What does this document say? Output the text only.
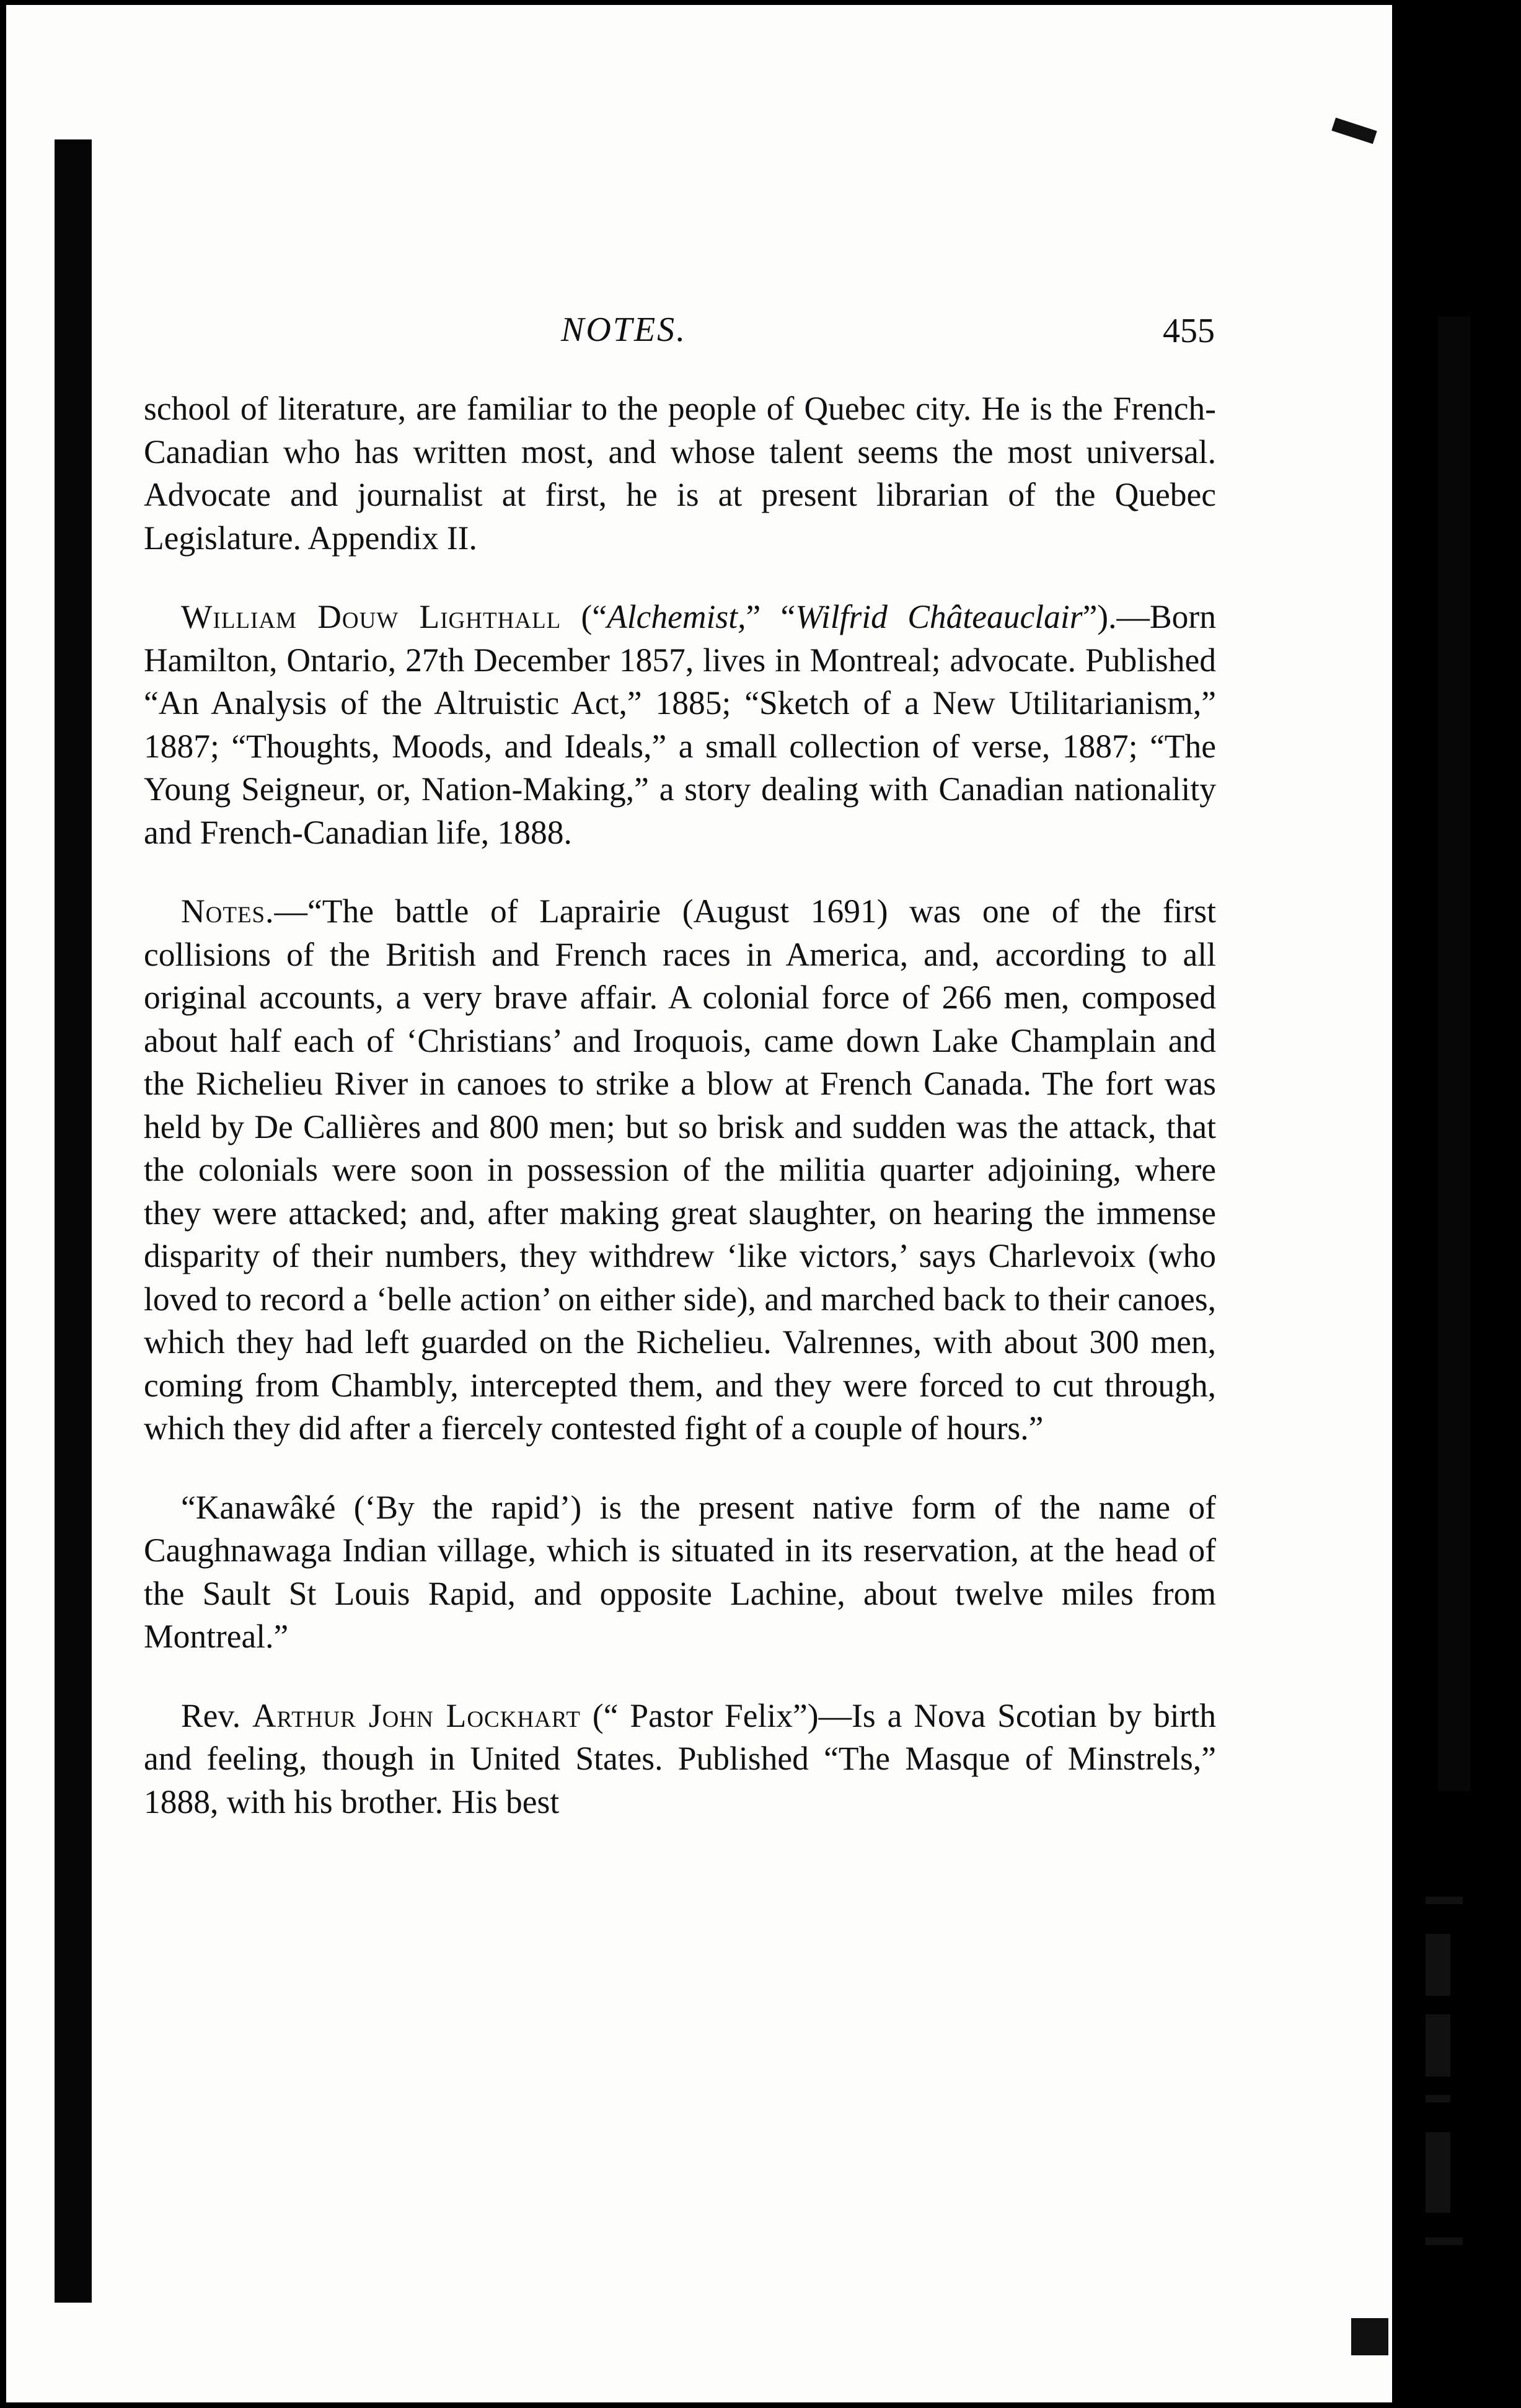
NOTES.	455

school of literature, are familiar to the people of Quebec city. He is the French-Canadian who has written most, and whose talent seems the most universal. Advocate and journalist at first, he is at present librarian of the Quebec Legislature. Appendix II.

William Douw Lighthall (“Alchemist,” “Wilfrid Châteauclair”).—Born Hamilton, Ontario, 27th December 1857, lives in Montreal; advocate. Published “An Analysis of the Altruistic Act,” 1885; “Sketch of a New Utilitarianism,” 1887; “Thoughts, Moods, and Ideals,” a small collection of verse, 1887; “The Young Seigneur, or, Nation-Making,” a story dealing with Canadian nationality and French-Canadian life, 1888.

Notes.—“The battle of Laprairie (August 1691) was one of the first collisions of the British and French races in America, and, according to all original accounts, a very brave affair. A colonial force of 266 men, composed about half each of ‘Christians’ and Iroquois, came down Lake Champlain and the Richelieu River in canoes to strike a blow at French Canada. The fort was held by De Callières and 800 men; but so brisk and sudden was the attack, that the colonials were soon in possession of the militia quarter adjoining, where they were attacked; and, after making great slaughter, on hearing the immense disparity of their numbers, they withdrew ‘like victors,’ says Charlevoix (who loved to record a ‘belle action’ on either side), and marched back to their canoes, which they had left guarded on the Richelieu. Valrennes, with about 300 men, coming from Chambly, intercepted them, and they were forced to cut through, which they did after a fiercely contested fight of a couple of hours.”

“Kanawâké (‘By the rapid’) is the present native form of the name of Caughnawaga Indian village, which is situated in its reservation, at the head of the Sault St Louis Rapid, and opposite Lachine, about twelve miles from Montreal.”

Rev. Arthur John Lockhart (“ Pastor Felix”)—Is a Nova Scotian by birth and feeling, though in United States. Published “The Masque of Minstrels,” 1888, with his brother. His best
